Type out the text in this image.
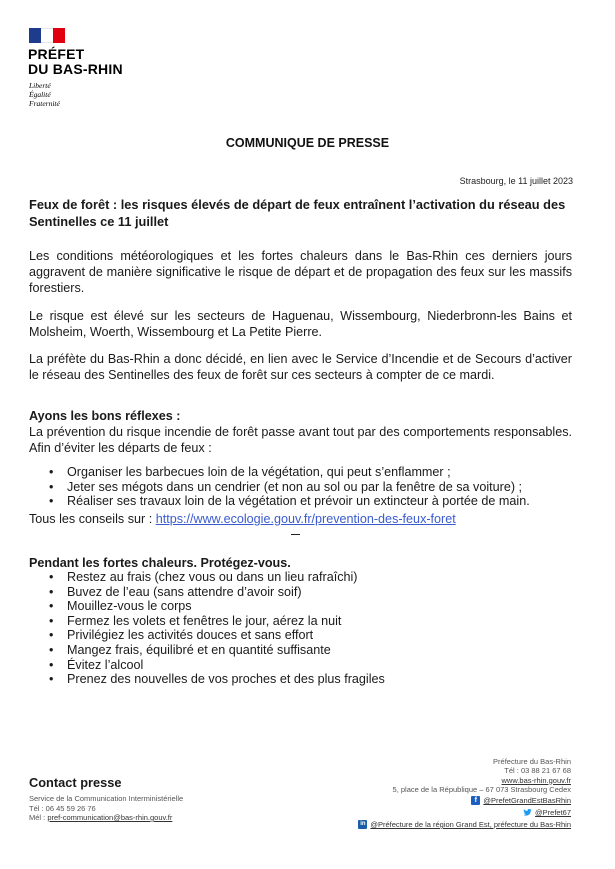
PRÉFET
DU BAS-RHIN
Liberté
Égalité
Fraternité
COMMUNIQUE DE PRESSE
Strasbourg, le 11 juillet 2023
Feux de forêt : les risques élevés de départ de feux entraînent l’activation du réseau des Sentinelles ce 11 juillet

Les conditions météorologiques et les fortes chaleurs dans le Bas-Rhin ces derniers jours aggravent de manière significative le risque de départ et de propagation des feux sur les massifs forestiers.

Le risque est élevé sur les secteurs de Haguenau, Wissembourg, Niederbronn-les Bains et Molsheim, Woerth, Wissembourg et La Petite Pierre.

La préfète du Bas-Rhin a donc décidé, en lien avec le Service d’Incendie et de Secours d’activer le réseau des Sentinelles des feux de forêt sur ces secteurs à compter de ce mardi.

Ayons les bons réflexes :

La prévention du risque incendie de forêt passe avant tout par des comportements responsables. Afin d’éviter les départs de feux :

• Organiser les barbecues loin de la végétation, qui peut s’enflammer ;
• Jeter ses mégots dans un cendrier (et non au sol ou par la fenêtre de sa voiture) ;
• Réaliser ses travaux loin de la végétation et prévoir un extincteur à portée de main.
Tous les conseils sur : https://www.ecologie.gouv.fr/prevention-des-feux-foret
Pendant les fortes chaleurs. Protégez-vous.
• Restez au frais (chez vous ou dans un lieu rafraîchi)
• Buvez de l’eau (sans attendre d’avoir soif)
• Mouillez-vous le corps
• Fermez les volets et fenêtres le jour, aérez la nuit
• Privilégiez les activités douces et sans effort
• Mangez frais, équilibré et en quantité suffisante
• Évitez l’alcool
• Prenez des nouvelles de vos proches et des plus fragiles
Contact presse
Service de la Communication Interministérielle
Tél : 06 45 59 26 76
Mél : pref-communication@bas-rhin.gouv.fr
Préfecture du Bas-Rhin
Tél : 03 88 21 67 68
www.bas-rhin.gouv.fr
5, place de la République – 67 073 Strasbourg Cedex
f @PrefetGrandEstBasRhin
@Prefet67
in @Préfecture de la région Grand Est, préfecture du Bas-Rhin
